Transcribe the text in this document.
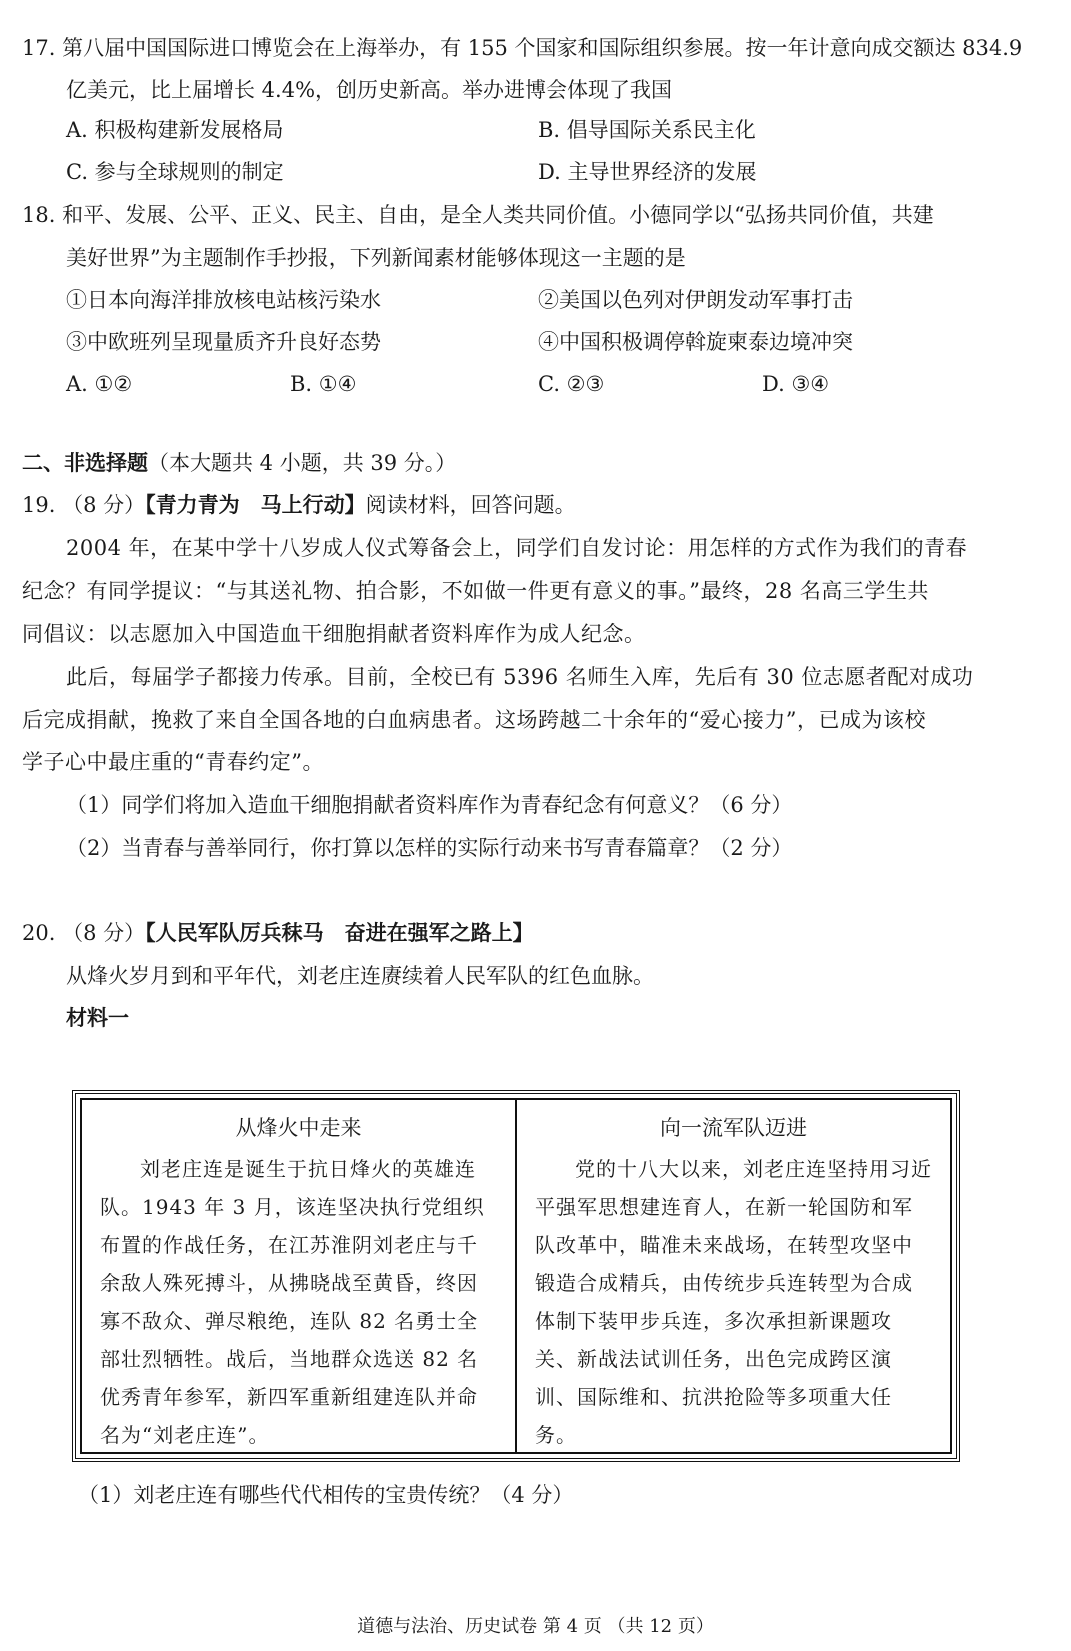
17. 第八届中国国际进口博览会在上海举办，有 155 个国家和国际组织参展。按一年计意向成交额达 834.9
亿美元，比上届增长 4.4%，创历史新高。举办进博会体现了我国
A. 积极构建新发展格局	B. 倡导国际关系民主化
C. 参与全球规则的制定	D. 主导世界经济的发展
18. 和平、发展、公平、正义、民主、自由，是全人类共同价值。小德同学以“弘扬共同价值，共建
美好世界”为主题制作手抄报，下列新闻素材能够体现这一主题的是
①日本向海洋排放核电站核污染水	②美国以色列对伊朗发动军事打击
③中欧班列呈现量质齐升良好态势	④中国积极调停斡旋柬泰边境冲突
A. ①②	B. ①④	C. ②③	D. ③④
二、非选择题（本大题共 4 小题，共 39 分。）
19. （8 分）【青力青为　马上行动】阅读材料，回答问题。
2004 年，在某中学十八岁成人仪式筹备会上，同学们自发讨论：用怎样的方式作为我们的青春
纪念？有同学提议：“与其送礼物、拍合影，不如做一件更有意义的事。”最终，28 名高三学生共
同倡议：以志愿加入中国造血干细胞捐献者资料库作为成人纪念。
此后，每届学子都接力传承。目前，全校已有 5396 名师生入库，先后有 30 位志愿者配对成功
后完成捐献，挽救了来自全国各地的白血病患者。这场跨越二十余年的“爱心接力”，已成为该校
学子心中最庄重的“青春约定”。
（1）同学们将加入造血干细胞捐献者资料库作为青春纪念有何意义？（6 分）
（2）当青春与善举同行，你打算以怎样的实际行动来书写青春篇章？（2 分）
20. （8 分）【人民军队厉兵秣马　奋进在强军之路上】
从烽火岁月到和平年代，刘老庄连赓续着人民军队的红色血脉。
材料一
从烽火中走来
刘老庄连是诞生于抗日烽火的英雄连队。1943 年 3 月，该连坚决执行党组织布置的作战任务，在江苏淮阴刘老庄与千余敌人殊死搏斗，从拂晓战至黄昏，终因寡不敌众、弹尽粮绝，连队 82 名勇士全部壮烈牺牲。战后，当地群众选送 82 名优秀青年参军，新四军重新组建连队并命名为“刘老庄连”。
向一流军队迈进
党的十八大以来，刘老庄连坚持用习近平强军思想建连育人，在新一轮国防和军队改革中，瞄准未来战场，在转型攻坚中锻造合成精兵，由传统步兵连转型为合成体制下装甲步兵连，多次承担新课题攻关、新战法试训任务，出色完成跨区演训、国际维和、抗洪抢险等多项重大任务。
（1）刘老庄连有哪些代代相传的宝贵传统？（4 分）
道德与法治、历史试卷 第 4 页 （共 12 页）
